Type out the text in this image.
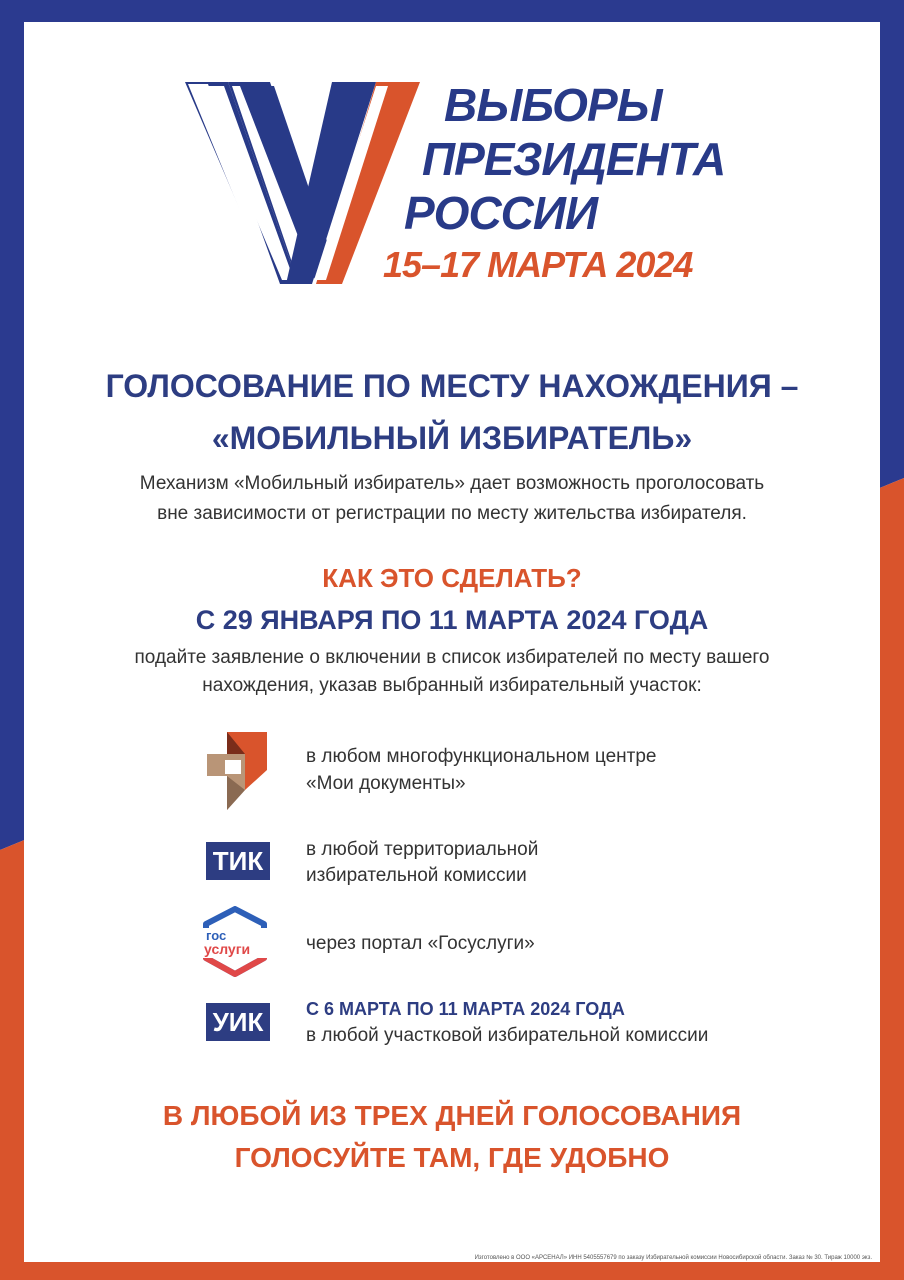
ВЫБОРЫ
ПРЕЗИДЕНТА
РОССИИ
15–17 МАРТА 2024
ГОЛОСОВАНИЕ ПО МЕСТУ НАХОЖДЕНИЯ –
«МОБИЛЬНЫЙ ИЗБИРАТЕЛЬ»
Механизм «Мобильный избиратель» дает возможность проголосовать
вне зависимости от регистрации по месту жительства избирателя.
КАК ЭТО СДЕЛАТЬ?
С 29 ЯНВАРЯ ПО 11 МАРТА 2024 ГОДА
подайте заявление о включении в список избирателей по месту вашего
нахождения, указав выбранный избирательный участок:
в любом многофункциональном центре
«Мои документы»
ТИК	в любой территориальной
избирательной комиссии
гос
услуги	через портал «Госуслуги»
УИК	С 6 МАРТА ПО 11 МАРТА 2024 ГОДА
в любой участковой избирательной комиссии
В ЛЮБОЙ ИЗ ТРЕХ ДНЕЙ ГОЛОСОВАНИЯ
ГОЛОСУЙТЕ ТАМ, ГДЕ УДОБНО
Изготовлено в ООО «АРСЕНАЛ» ИНН 5405557679 по заказу Избирательной комиссии Новосибирской области. Заказ № 30. Тираж 10000 экз.
